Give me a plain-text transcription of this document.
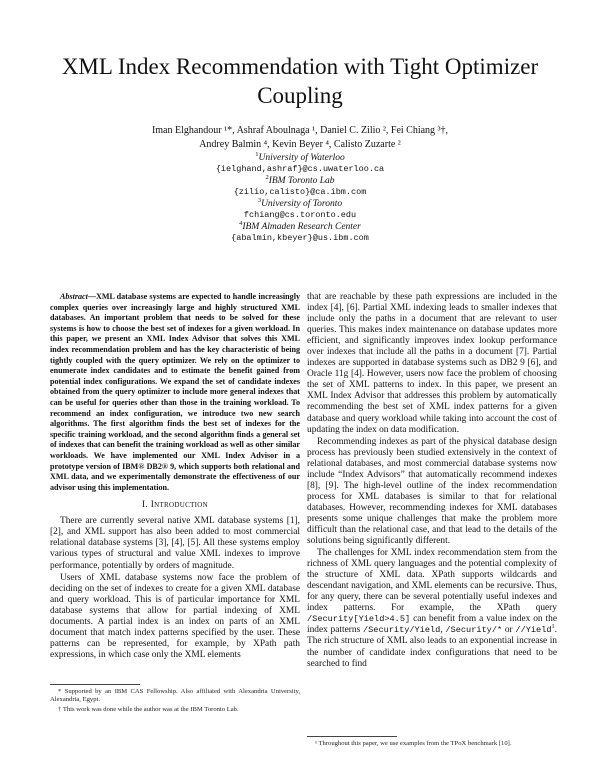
XML Index Recommendation with Tight Optimizer Coupling
Iman Elghandour ¹*, Ashraf Aboulnaga ¹, Daniel C. Zilio ², Fei Chiang ³†,
Andrey Balmin ⁴, Kevin Beyer ⁴, Calisto Zuzarte ²
$^1$University of Waterloo
{ielghand,ashraf}@cs.uwaterloo.ca
$^2$IBM Toronto Lab
{zilio,calisto}@ca.ibm.com
$^3$University of Toronto
fchiang@cs.toronto.edu
$^4$IBM Almaden Research Center
{abalmin,kbeyer}@us.ibm.com

Abstract—XML database systems are expected to handle increasingly complex queries over increasingly large and highly structured XML databases. An important problem that needs to be solved for these systems is how to choose the best set of indexes for a given workload. In this paper, we present an XML Index Advisor that solves this XML index recommendation problem and has the key characteristic of being tightly coupled with the query optimizer. We rely on the optimizer to enumerate index candidates and to estimate the benefit gained from potential index configurations. We expand the set of candidate indexes obtained from the query optimizer to include more general indexes that can be useful for queries other than those in the training workload. To recommend an index configuration, we introduce two new search algorithms. The first algorithm finds the best set of indexes for the specific training workload, and the second algorithm finds a general set of indexes that can benefit the training workload as well as other similar workloads. We have implemented our XML Index Advisor in a prototype version of IBM® DB2® 9, which supports both relational and XML data, and we experimentally demonstrate the effectiveness of our advisor using this implementation.

I. Introduction

There are currently several native XML database systems [1], [2], and XML support has also been added to most commercial relational database systems [3], [4], [5]. All these systems employ various types of structural and value XML indexes to improve performance, potentially by orders of magnitude.

Users of XML database systems now face the problem of deciding on the set of indexes to create for a given XML database and query workload. This is of particular importance for XML database systems that allow for partial indexing of XML documents. A partial index is an index on parts of an XML document that match index patterns specified by the user. These patterns can be represented, for example, by XPath path expressions, in which case only the XML elements

that are reachable by these path expressions are included in the index [4], [6]. Partial XML indexing leads to smaller indexes that include only the paths in a document that are relevant to user queries. This makes index maintenance on database updates more efficient, and significantly improves index lookup performance over indexes that include all the paths in a document [7]. Partial indexes are supported in database systems such as DB2 9 [6], and Oracle 11g [4]. However, users now face the problem of choosing the set of XML patterns to index. In this paper, we present an XML Index Advisor that addresses this problem by automatically recommending the best set of XML index patterns for a given database and query workload while taking into account the cost of updating the index on data modification.

Recommending indexes as part of the physical database design process has previously been studied extensively in the context of relational databases, and most commercial database systems now include “Index Advisors” that automatically recommend indexes [8], [9]. The high-level outline of the index recommendation process for XML databases is similar to that for relational databases. However, recommending indexes for XML databases presents some unique challenges that make the problem more difficult than the relational case, and that lead to the details of the solutions being significantly different.

The challenges for XML index recommendation stem from the richness of XML query languages and the potential complexity of the structure of XML data. XPath supports wildcards and descendant navigation, and XML elements can be recursive. Thus, for any query, there can be several potentially useful indexes and index patterns. For example, the XPath query /Security[Yield>4.5] can benefit from a value index on the index patterns /Security/Yield, /Security/* or //Yield$^1$. The rich structure of XML also leads to an exponential increase in the number of candidate index configurations that need to be searched to find

* Supported by an IBM CAS Fellowship. Also affiliated with Alexandria University, Alexandria, Egypt.

† This work was done while the author was at the IBM Toronto Lab.

¹ Throughout this paper, we use examples from the TPoX benchmark [10].
